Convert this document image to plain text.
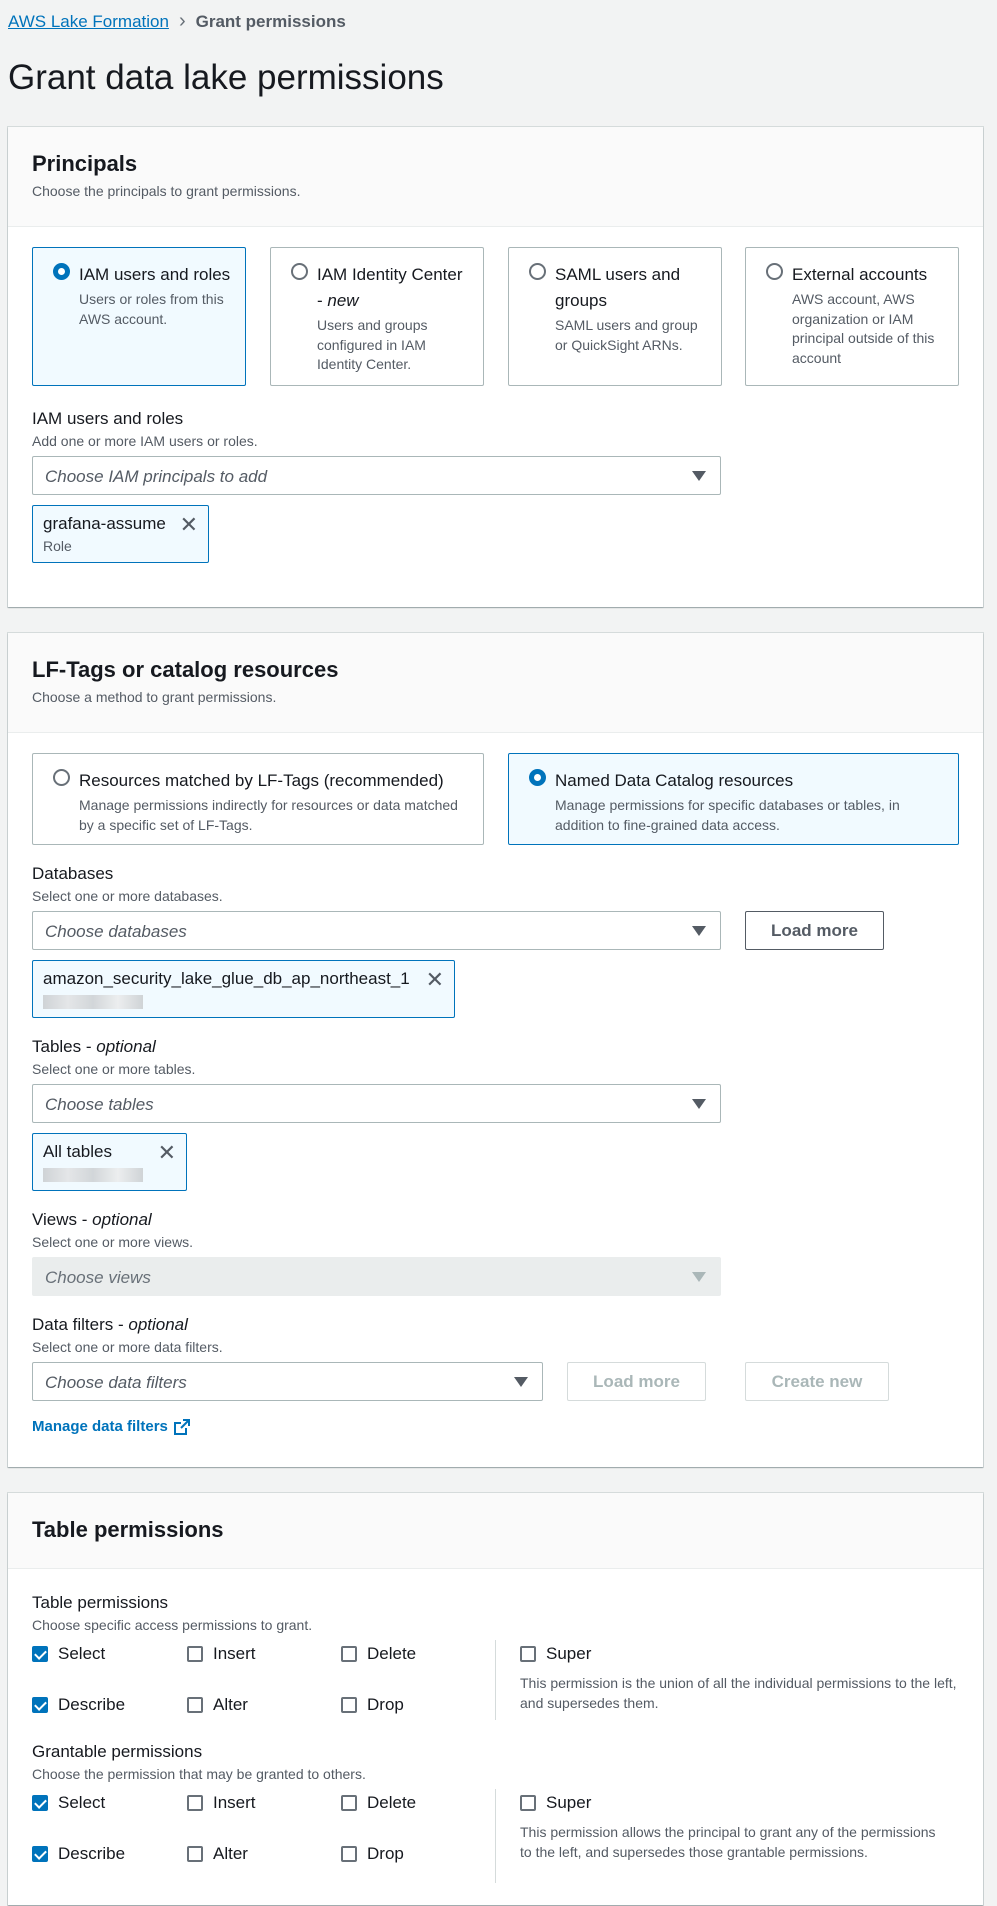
AWS Lake Formation › Grant permissions
Grant data lake permissions
Principals

Choose the principals to grant permissions.

IAM users and roles
Users or roles from this AWS account.
IAM Identity Center - new
Users and groups configured in IAM Identity Center.
SAML users and groups
SAML users and group or QuickSight ARNs.
External accounts
AWS account, AWS organization or IAM principal outside of this account
IAM users and roles
Add one or more IAM users or roles.
Choose IAM principals to add
grafana-assume
Role
✕
LF-Tags or catalog resources

Choose a method to grant permissions.

Resources matched by LF-Tags (recommended)
Manage permissions indirectly for resources or data matched by a specific set of LF-Tags.
Named Data Catalog resources
Manage permissions for specific databases or tables, in addition to fine-grained data access.
Databases
Select one or more databases.
Choose databases	Load more
amazon_security_lake_glue_db_ap_northeast_1 ✕
Tables - optional
Select one or more tables.
Choose tables
All tables	✕
Views - optional
Select one or more views.
Choose views
Data filters - optional
Select one or more data filters.
Choose data filters	Load more	Create new
Manage data filters
Table permissions
Table permissions
Choose specific access permissions to grant.
Select	Insert	Delete
Describe	Alter	Drop
Super
This permission is the union of all the individual permissions to the left, and supersedes them.
Grantable permissions
Choose the permission that may be granted to others.
Select	Insert	Delete
Describe	Alter	Drop
Super
This permission allows the principal to grant any of the permissions to the left, and supersedes those grantable permissions.
